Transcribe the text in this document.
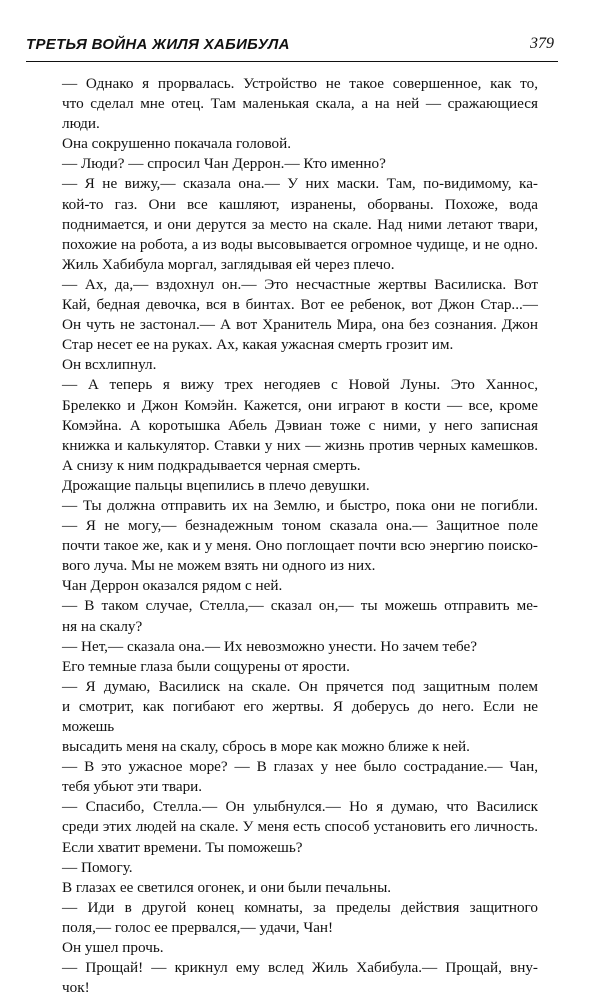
ТРЕТЬЯ ВОЙНА ЖИЛЯ ХАБИБУЛА	379
— Однако я прорвалась. Устройство не такое совершенное, как то,
что сделал мне отец. Там маленькая скала, а на ней — сражающиеся
люди.
Она сокрушенно покачала головой.
— Люди? — спросил Чан Деррон.— Кто именно?
— Я не вижу,— сказала она.— У них маски. Там, по-видимому, ка-
кой-то газ. Они все кашляют, изранены, оборваны. Похоже, вода
поднимается, и они дерутся за место на скале. Над ними летают твари,
похожие на робота, а из воды высовывается огромное чудище, и не одно.
Жиль Хабибула моргал, заглядывая ей через плечо.
— Ах, да,— вздохнул он.— Это несчастные жертвы Василиска. Вот
Кай, бедная девочка, вся в бинтах. Вот ее ребенок, вот Джон Стар...—
Он чуть не застонал.— А вот Хранитель Мира, она без сознания. Джон
Стар несет ее на руках. Ах, какая ужасная смерть грозит им.
Он всхлипнул.
— А теперь я вижу трех негодяев с Новой Луны. Это Ханнос,
Брелекко и Джон Комэйн. Кажется, они играют в кости — все, кроме
Комэйна. А коротышка Абель Дэвиан тоже с ними, у него записная
книжка и калькулятор. Ставки у них — жизнь против черных камешков.
А снизу к ним подкрадывается черная смерть.
Дрожащие пальцы вцепились в плечо девушки.
— Ты должна отправить их на Землю, и быстро, пока они не погибли.
— Я не могу,— безнадежным тоном сказала она.— Защитное поле
почти такое же, как и у меня. Оно поглощает почти всю энергию поиско-
вого луча. Мы не можем взять ни одного из них.
Чан Деррон оказался рядом с ней.
— В таком случае, Стелла,— сказал он,— ты можешь отправить ме-
ня на скалу?
— Нет,— сказала она.— Их невозможно унести. Но зачем тебе?
Его темные глаза были сощурены от ярости.
— Я думаю, Василиск на скале. Он прячется под защитным полем
и смотрит, как погибают его жертвы. Я доберусь до него. Если не можешь
высадить меня на скалу, сбрось в море как можно ближе к ней.
— В это ужасное море? — В глазах у нее было сострадание.— Чан,
тебя убьют эти твари.
— Спасибо, Стелла.— Он улыбнулся.— Но я думаю, что Василиск
среди этих людей на скале. У меня есть способ установить его личность.
Если хватит времени. Ты поможешь?
— Помогу.
В глазах ее светился огонек, и они были печальны.
— Иди в другой конец комнаты, за пределы действия защитного
поля,— голос ее прервался,— удачи, Чан!
Он ушел прочь.
— Прощай! — крикнул ему вслед Жиль Хабибула.— Прощай, вну-
чок!
